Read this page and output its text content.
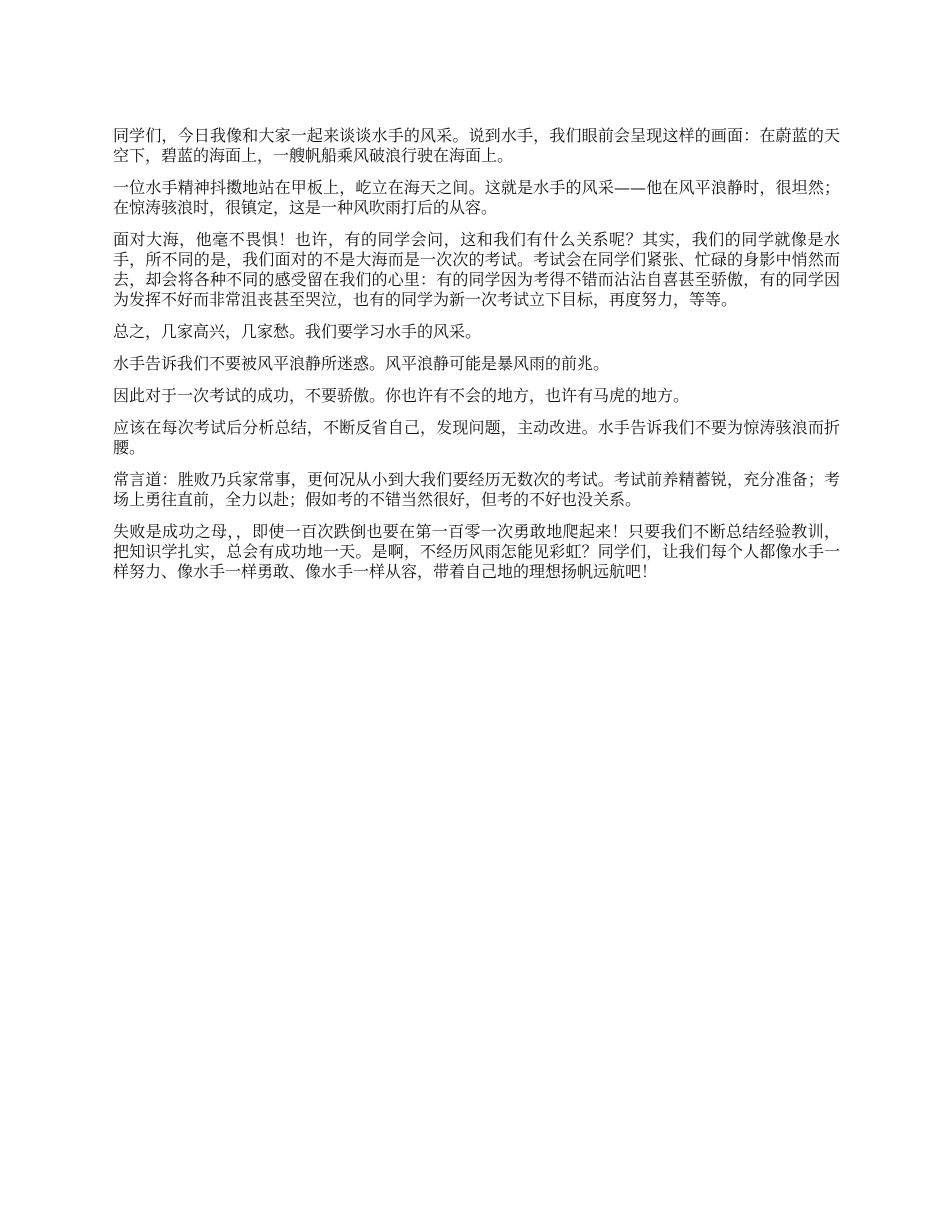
同学们，今日我像和大家一起来谈谈水手的风采。说到水手，我们眼前会呈现这样的画面：在蔚蓝的天空下，碧蓝的海面上，一艘帆船乘风破浪行驶在海面上。

一位水手精神抖擞地站在甲板上，屹立在海天之间。这就是水手的风采——他在风平浪静时，很坦然；在惊涛骇浪时，很镇定，这是一种风吹雨打后的从容。

面对大海，他毫不畏惧！也许，有的同学会问，这和我们有什么关系呢？其实，我们的同学就像是水手，所不同的是，我们面对的不是大海而是一次次的考试。考试会在同学们紧张、忙碌的身影中悄然而去，却会将各种不同的感受留在我们的心里：有的同学因为考得不错而沾沾自喜甚至骄傲，有的同学因为发挥不好而非常沮丧甚至哭泣，也有的同学为新一次考试立下目标，再度努力，等等。

总之，几家高兴，几家愁。我们要学习水手的风采。

水手告诉我们不要被风平浪静所迷惑。风平浪静可能是暴风雨的前兆。

因此对于一次考试的成功，不要骄傲。你也许有不会的地方，也许有马虎的地方。

应该在每次考试后分析总结，不断反省自己，发现问题，主动改进。水手告诉我们不要为惊涛骇浪而折腰。

常言道：胜败乃兵家常事，更何况从小到大我们要经历无数次的考试。考试前养精蓄锐，充分准备；考场上勇往直前，全力以赴；假如考的不错当然很好，但考的不好也没关系。

失败是成功之母，，即使一百次跌倒也要在第一百零一次勇敢地爬起来！只要我们不断总结经验教训，把知识学扎实，总会有成功地一天。是啊，不经历风雨怎能见彩虹？同学们，让我们每个人都像水手一样努力、像水手一样勇敢、像水手一样从容，带着自己地的理想扬帆远航吧！
